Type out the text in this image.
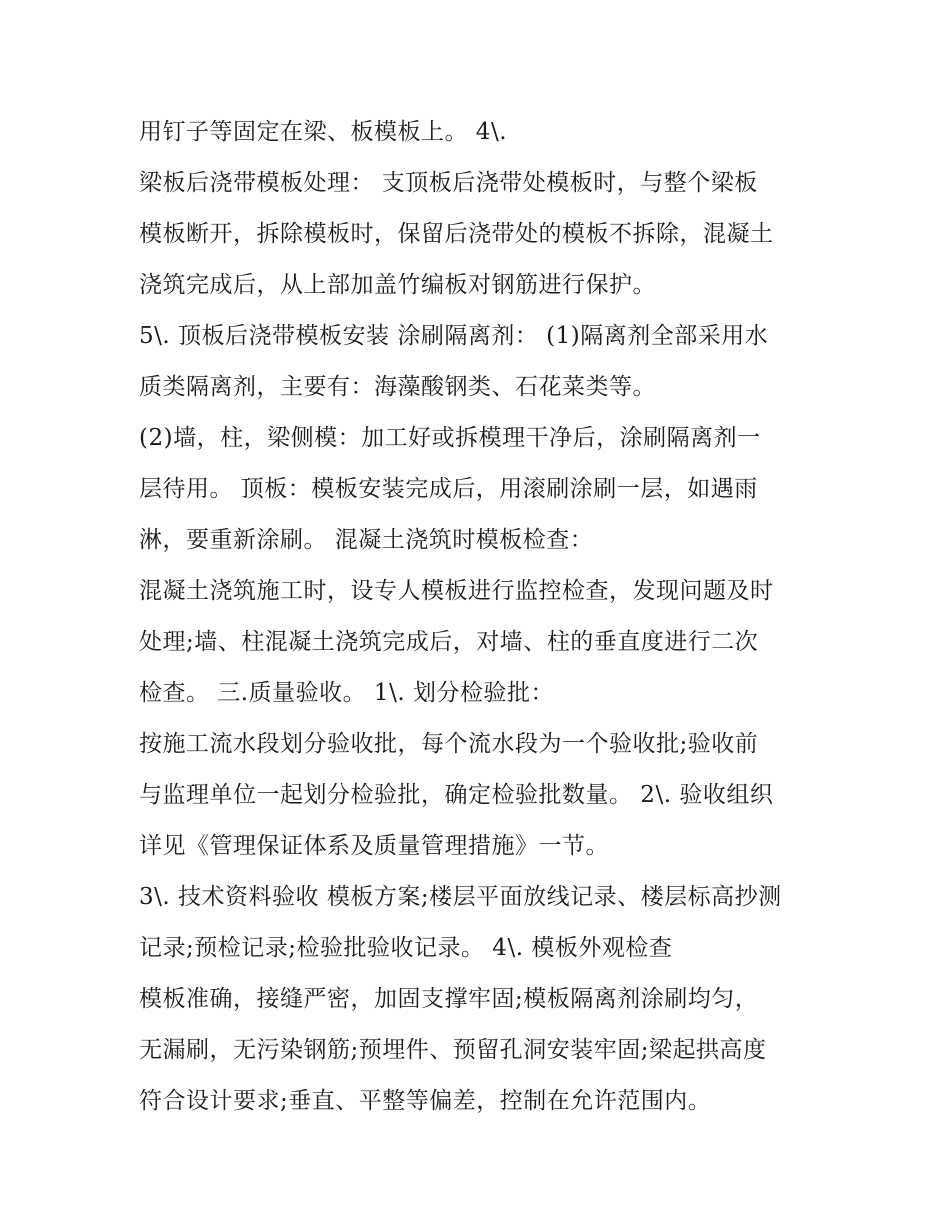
用钉子等固定在梁、板模板上。 4\.
梁板后浇带模板处理： 支顶板后浇带处模板时，与整个梁板
模板断开，拆除模板时，保留后浇带处的模板不拆除，混凝土
浇筑完成后，从上部加盖竹编板对钢筋进行保护。
5\. 顶板后浇带模板安装 涂刷隔离剂： (1)隔离剂全部采用水
质类隔离剂，主要有：海藻酸钢类、石花菜类等。
(2)墙，柱，梁侧模：加工好或拆模理干净后，涂刷隔离剂一
层待用。 顶板：模板安装完成后，用滚刷涂刷一层，如遇雨
淋，要重新涂刷。 混凝土浇筑时模板检查：
混凝土浇筑施工时，设专人模板进行监控检查，发现问题及时
处理;墙、柱混凝土浇筑完成后，对墙、柱的垂直度进行二次
检查。 三.质量验收。 1\. 划分检验批：
按施工流水段划分验收批，每个流水段为一个验收批;验收前
与监理单位一起划分检验批，确定检验批数量。 2\. 验收组织
详见《管理保证体系及质量管理措施》一节。
3\. 技术资料验收 模板方案;楼层平面放线记录、楼层标高抄测
记录;预检记录;检验批验收记录。 4\. 模板外观检查
模板准确，接缝严密，加固支撑牢固;模板隔离剂涂刷均匀，
无漏刷，无污染钢筋;预埋件、预留孔洞安装牢固;梁起拱高度
符合设计要求;垂直、平整等偏差，控制在允许范围内。
